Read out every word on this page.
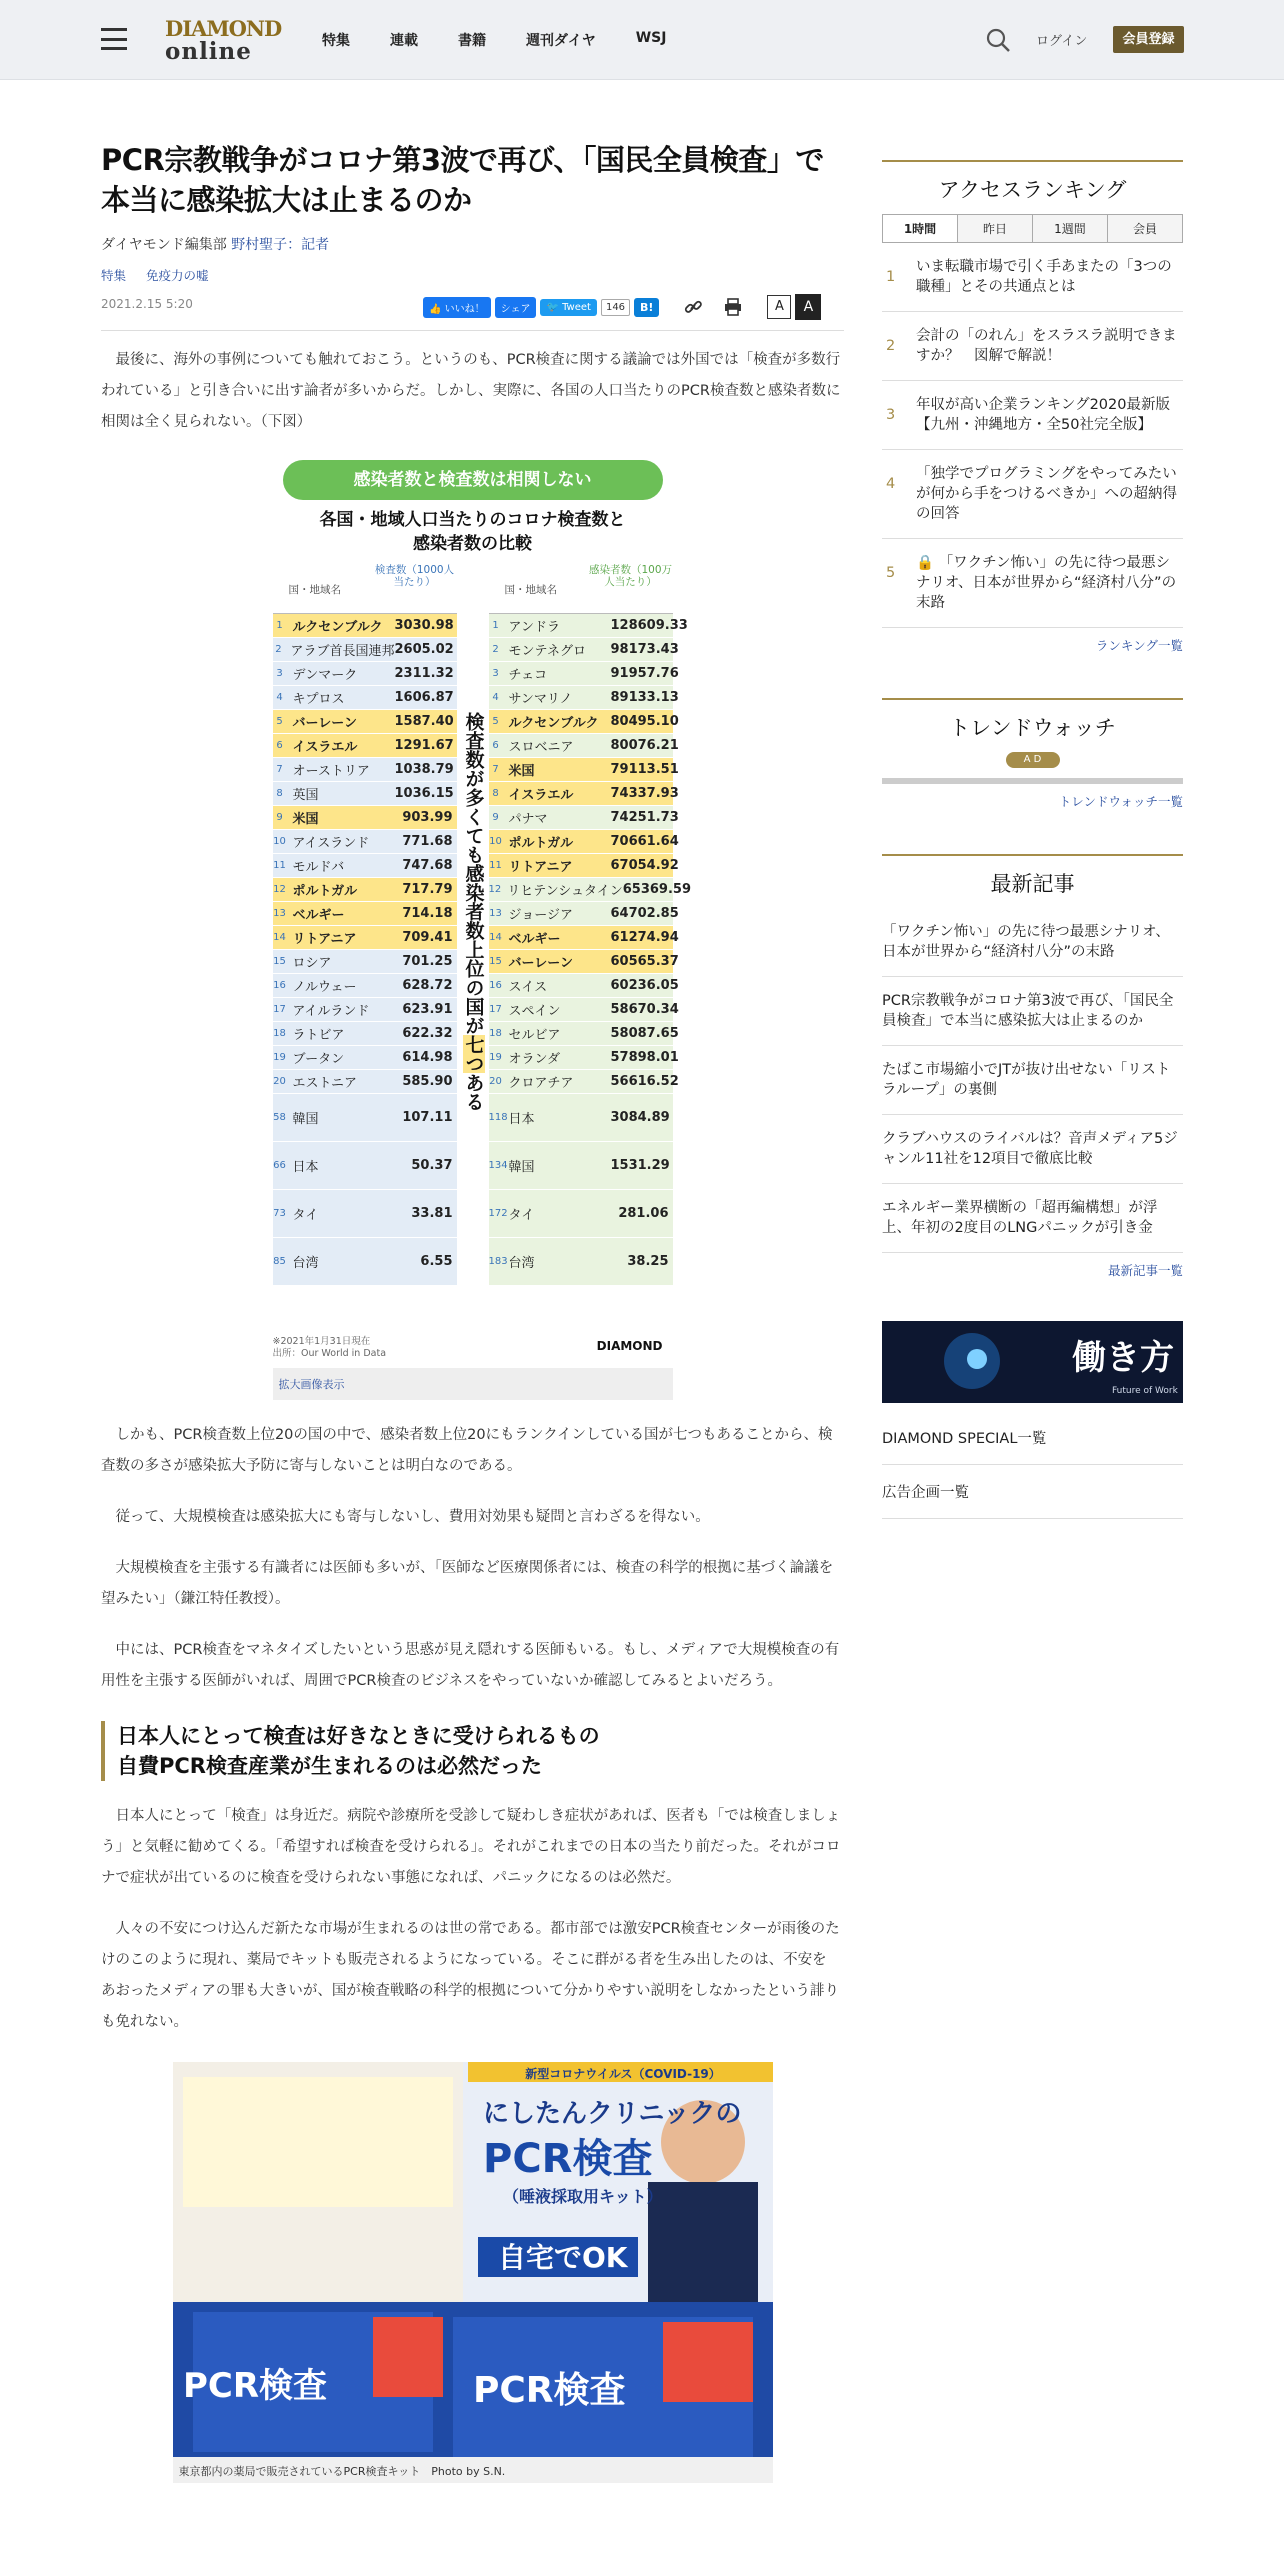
DIAMOND
online	特集	連載	書籍	週刊ダイヤ	WSJ	ログイン	会員登録
PCR宗教戦争がコロナ第3波で再び、「国民全員検査」で本当に感染拡大は止まるのか
ダイヤモンド編集部 野村聖子：記者
特集 免疫力の嘘
2021.2.15 5:20	👍 いいね！	シェア	🐦 Tweet	146	B!	A	A

最後に、海外の事例についても触れておこう。というのも、PCR検査に関する議論では外国では「検査が多数行われている」と引き合いに出す論者が多いからだ。しかし、実際に、各国の人口当たりのPCR検査数と感染者数に相関は全く見られない。（下図）

感染者数と検査数は相関しない
各国・地域人口当たりのコロナ検査数と
感染者数の比較
国・地域名
検査数（1000人当たり）
1 ルクセンブルク 3030.98
2 アラブ首長国連邦 2605.02
3 デンマーク	2311.32
4 キプロス	1606.87
5 バーレーン	1587.40
6 イスラエル	1291.67
7 オーストリア	1038.79
8 英国	1036.15
9 米国	903.99
10 アイスランド	771.68
11 モルドバ	747.68
12 ポルトガル	717.79
13 ベルギー	714.18
14 リトアニア	709.41
15 ロシア	701.25
16 ノルウェー	628.72
17 アイルランド	623.91
18 ラトビア	622.32
19 ブータン	614.98
20 エストニア	585.90
58 韓国	107.11
66 日本	50.37
73 タイ	33.81
85 台湾	6.55
検査数が多くても感染者数上位の国が七つある
国・地域名
感染者数（100万人当たり）
1 アンドラ	128609.33
2 モンテネグロ	98173.43
3 チェコ	91957.76
4 サンマリノ	89133.13
5 ルクセンブルク 80495.10
6 スロベニア	80076.21
7 米国	79113.51
8 イスラエル	74337.93
9 パナマ	74251.73
10 ポルトガル	70661.64
11 リトアニア	67054.92
12 リヒテンシュタイン 65369.59
13 ジョージア	64702.85
14 ベルギー	61274.94
15 バーレーン	60565.37
16 スイス	60236.05
17 スペイン	58670.34
18 セルビア	58087.65
19 オランダ	57898.01
20 クロアチア	56616.52
118 日本	3084.89
134 韓国	1531.29
172 タイ	281.06
183 台湾	38.25
※2021年1月31日現在
出所：Our World in Data
DIAMOND
拡大画像表示

しかも、PCR検査数上位20の国の中で、感染者数上位20にもランクインしている国が七つもあることから、検査数の多さが感染拡大予防に寄与しないことは明白なのである。

従って、大規模検査は感染拡大にも寄与しないし、費用対効果も疑問と言わざるを得ない。

大規模検査を主張する有識者には医師も多いが、「医師など医療関係者には、検査の科学的根拠に基づく論議を望みたい」（鎌江特任教授）。

中には、PCR検査をマネタイズしたいという思惑が見え隠れする医師もいる。もし、メディアで大規模検査の有用性を主張する医師がいれば、周囲でPCR検査のビジネスをやっていないか確認してみるとよいだろう。

日本人にとって検査は好きなときに受けられるもの
自費PCR検査産業が生まれるのは必然だった

日本人にとって「検査」は身近だ。病院や診療所を受診して疑わしき症状があれば、医者も「では検査しましょう」と気軽に勧めてくる。「希望すれば検査を受けられる」。それがこれまでの日本の当たり前だった。それがコロナで症状が出ているのに検査を受けられない事態になれば、パニックになるのは必然だ。

人々の不安につけ込んだ新たな市場が生まれるのは世の常である。都市部では激安PCR検査センターが雨後のたけのこのように現れ、薬局でキットも販売されるようになっている。そこに群がる者を生み出したのは、不安をあおったメディアの罪も大きいが、国が検査戦略の科学的根拠について分かりやすい説明をしなかったという誹りも免れない。

新型コロナウイルス（COVID-19）
にしたんクリニックの
PCR検査
（唾液採取用キット）
自宅でOK
PCR検査	PCR検査
東京都内の薬局で販売されているPCR検査キット　Photo by S.N.
アクセスランキング
1時間	昨日	1週間	会員
1
いま転職市場で引く手あまたの「3つの職種」とその共通点とは
2
会計の「のれん」をスラスラ説明できますか？　図解で解説！
3
年収が高い企業ランキング2020最新版【九州・沖縄地方・全50社完全版】
4
「独学でプログラミングをやってみたいが何から手をつけるべきか」への超納得の回答
5
🔒 「ワクチン怖い」の先に待つ最悪シナリオ、日本が世界から“経済村八分”の末路
ランキング一覧
トレンドウォッチ
A D
トレンドウォッチ一覧
最新記事
「ワクチン怖い」の先に待つ最悪シナリオ、日本が世界から“経済村八分”の末路
PCR宗教戦争がコロナ第3波で再び、「国民全員検査」で本当に感染拡大は止まるのか
たばこ市場縮小でJTが抜け出せない「リストラループ」の裏側
クラブハウスのライバルは？音声メディア5ジャンル11社を12項目で徹底比較
エネルギー業界横断の「超再編構想」が浮上、年初の2度目のLNGパニックが引き金
最新記事一覧
働き方
Future of Work
DIAMOND SPECIAL一覧
広告企画一覧
